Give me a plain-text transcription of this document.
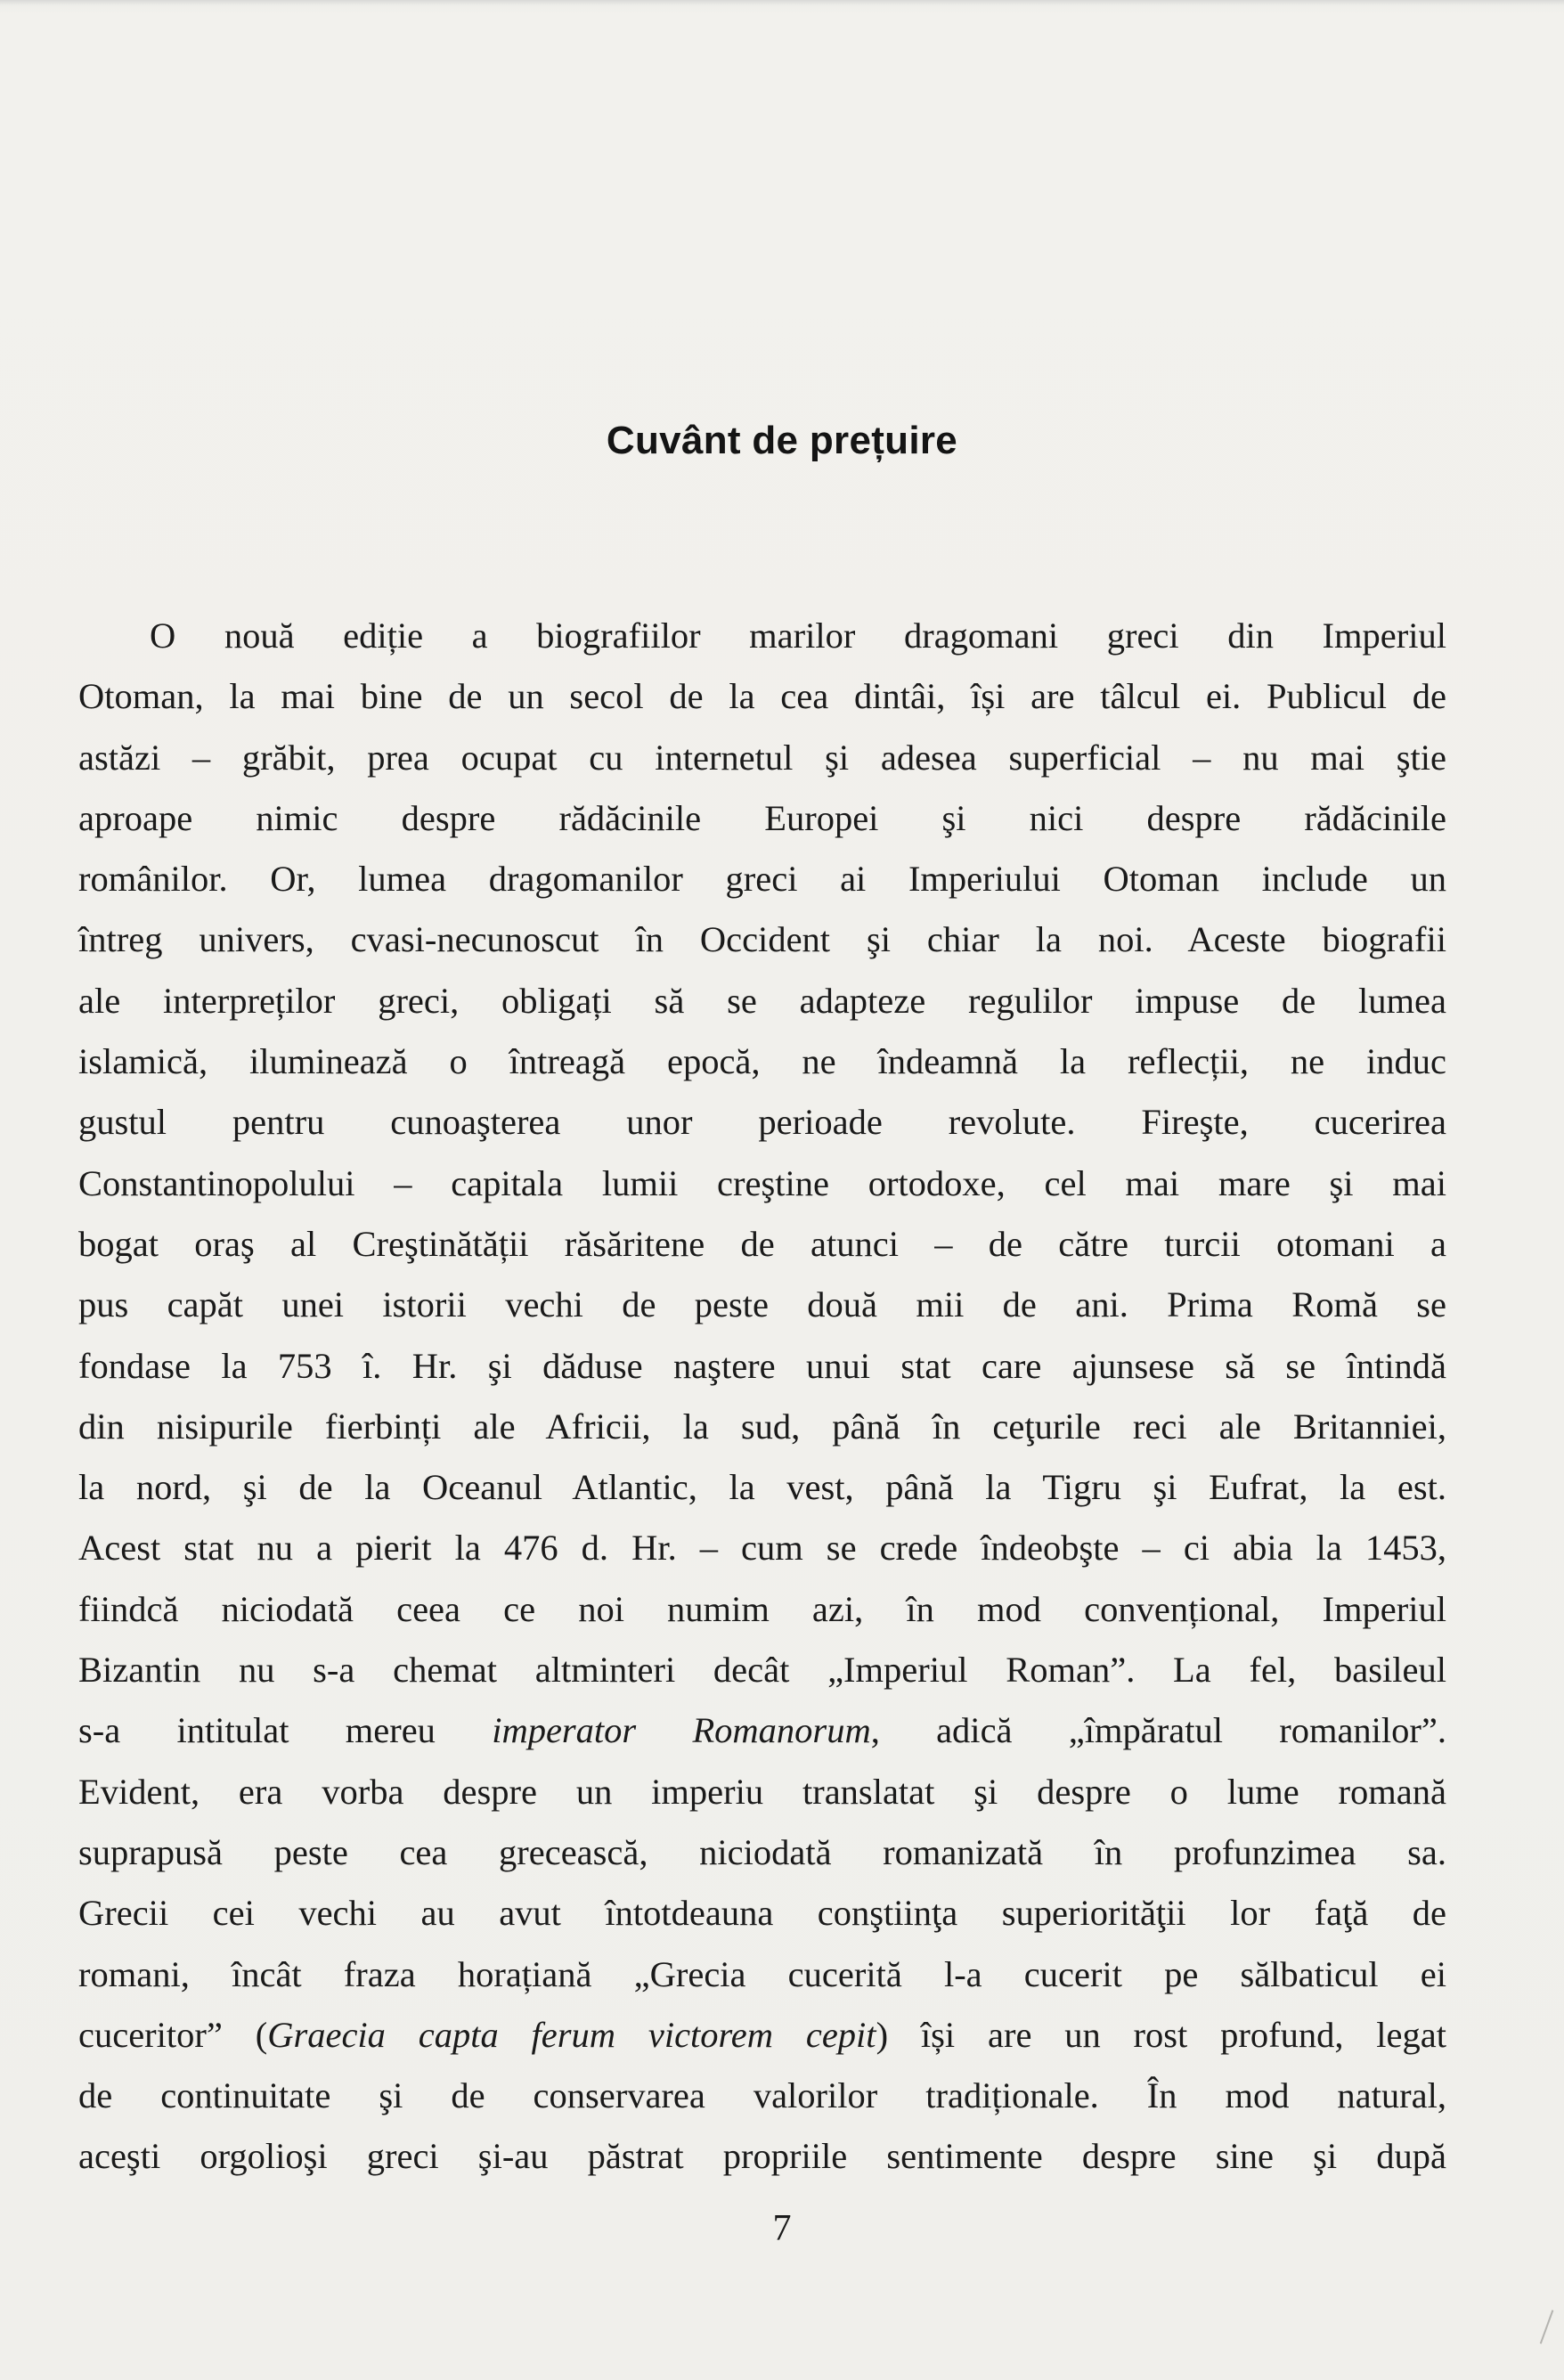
Cuvânt de prețuire
O nouă ediție a biografiilor marilor dragomani greci din Imperiul
Otoman, la mai bine de un secol de la cea dintâi, își are tâlcul ei. Publicul de
astăzi – grăbit, prea ocupat cu internetul şi adesea superficial – nu mai ştie
aproape nimic despre rădăcinile Europei şi nici despre rădăcinile
românilor. Or, lumea dragomanilor greci ai Imperiului Otoman include un
întreg univers, cvasi-necunoscut în Occident şi chiar la noi. Aceste biografii
ale interpreților greci, obligați să se adapteze regulilor impuse de lumea
islamică, iluminează o întreagă epocă, ne îndeamnă la reflecții, ne induc
gustul pentru cunoaşterea unor perioade revolute. Fireşte, cucerirea
Constantinopolului – capitala lumii creştine ortodoxe, cel mai mare şi mai
bogat oraş al Creştinătății răsăritene de atunci – de către turcii otomani a
pus capăt unei istorii vechi de peste două mii de ani. Prima Romă se
fondase la 753 î. Hr. şi dăduse naştere unui stat care ajunsese să se întindă
din nisipurile fierbinți ale Africii, la sud, până în ceţurile reci ale Britanniei,
la nord, şi de la Oceanul Atlantic, la vest, până la Tigru şi Eufrat, la est.
Acest stat nu a pierit la 476 d. Hr. – cum se crede îndeobşte – ci abia la 1453,
fiindcă niciodată ceea ce noi numim azi, în mod convențional, Imperiul
Bizantin nu s-a chemat altminteri decât „Imperiul Roman”. La fel, basileul
s-a intitulat mereu imperator Romanorum, adică „împăratul romanilor”.
Evident, era vorba despre un imperiu translatat şi despre o lume romană
suprapusă peste cea grecească, niciodată romanizată în profunzimea sa.
Grecii cei vechi au avut întotdeauna conştiinţa superiorităţii lor faţă de
romani, încât fraza horațiană „Grecia cucerită l-a cucerit pe sălbaticul ei
cuceritor” (Graecia capta ferum victorem cepit) își are un rost profund, legat
de continuitate şi de conservarea valorilor tradiționale. În mod natural,
aceşti orgolioşi greci şi-au păstrat propriile sentimente despre sine şi după
7
